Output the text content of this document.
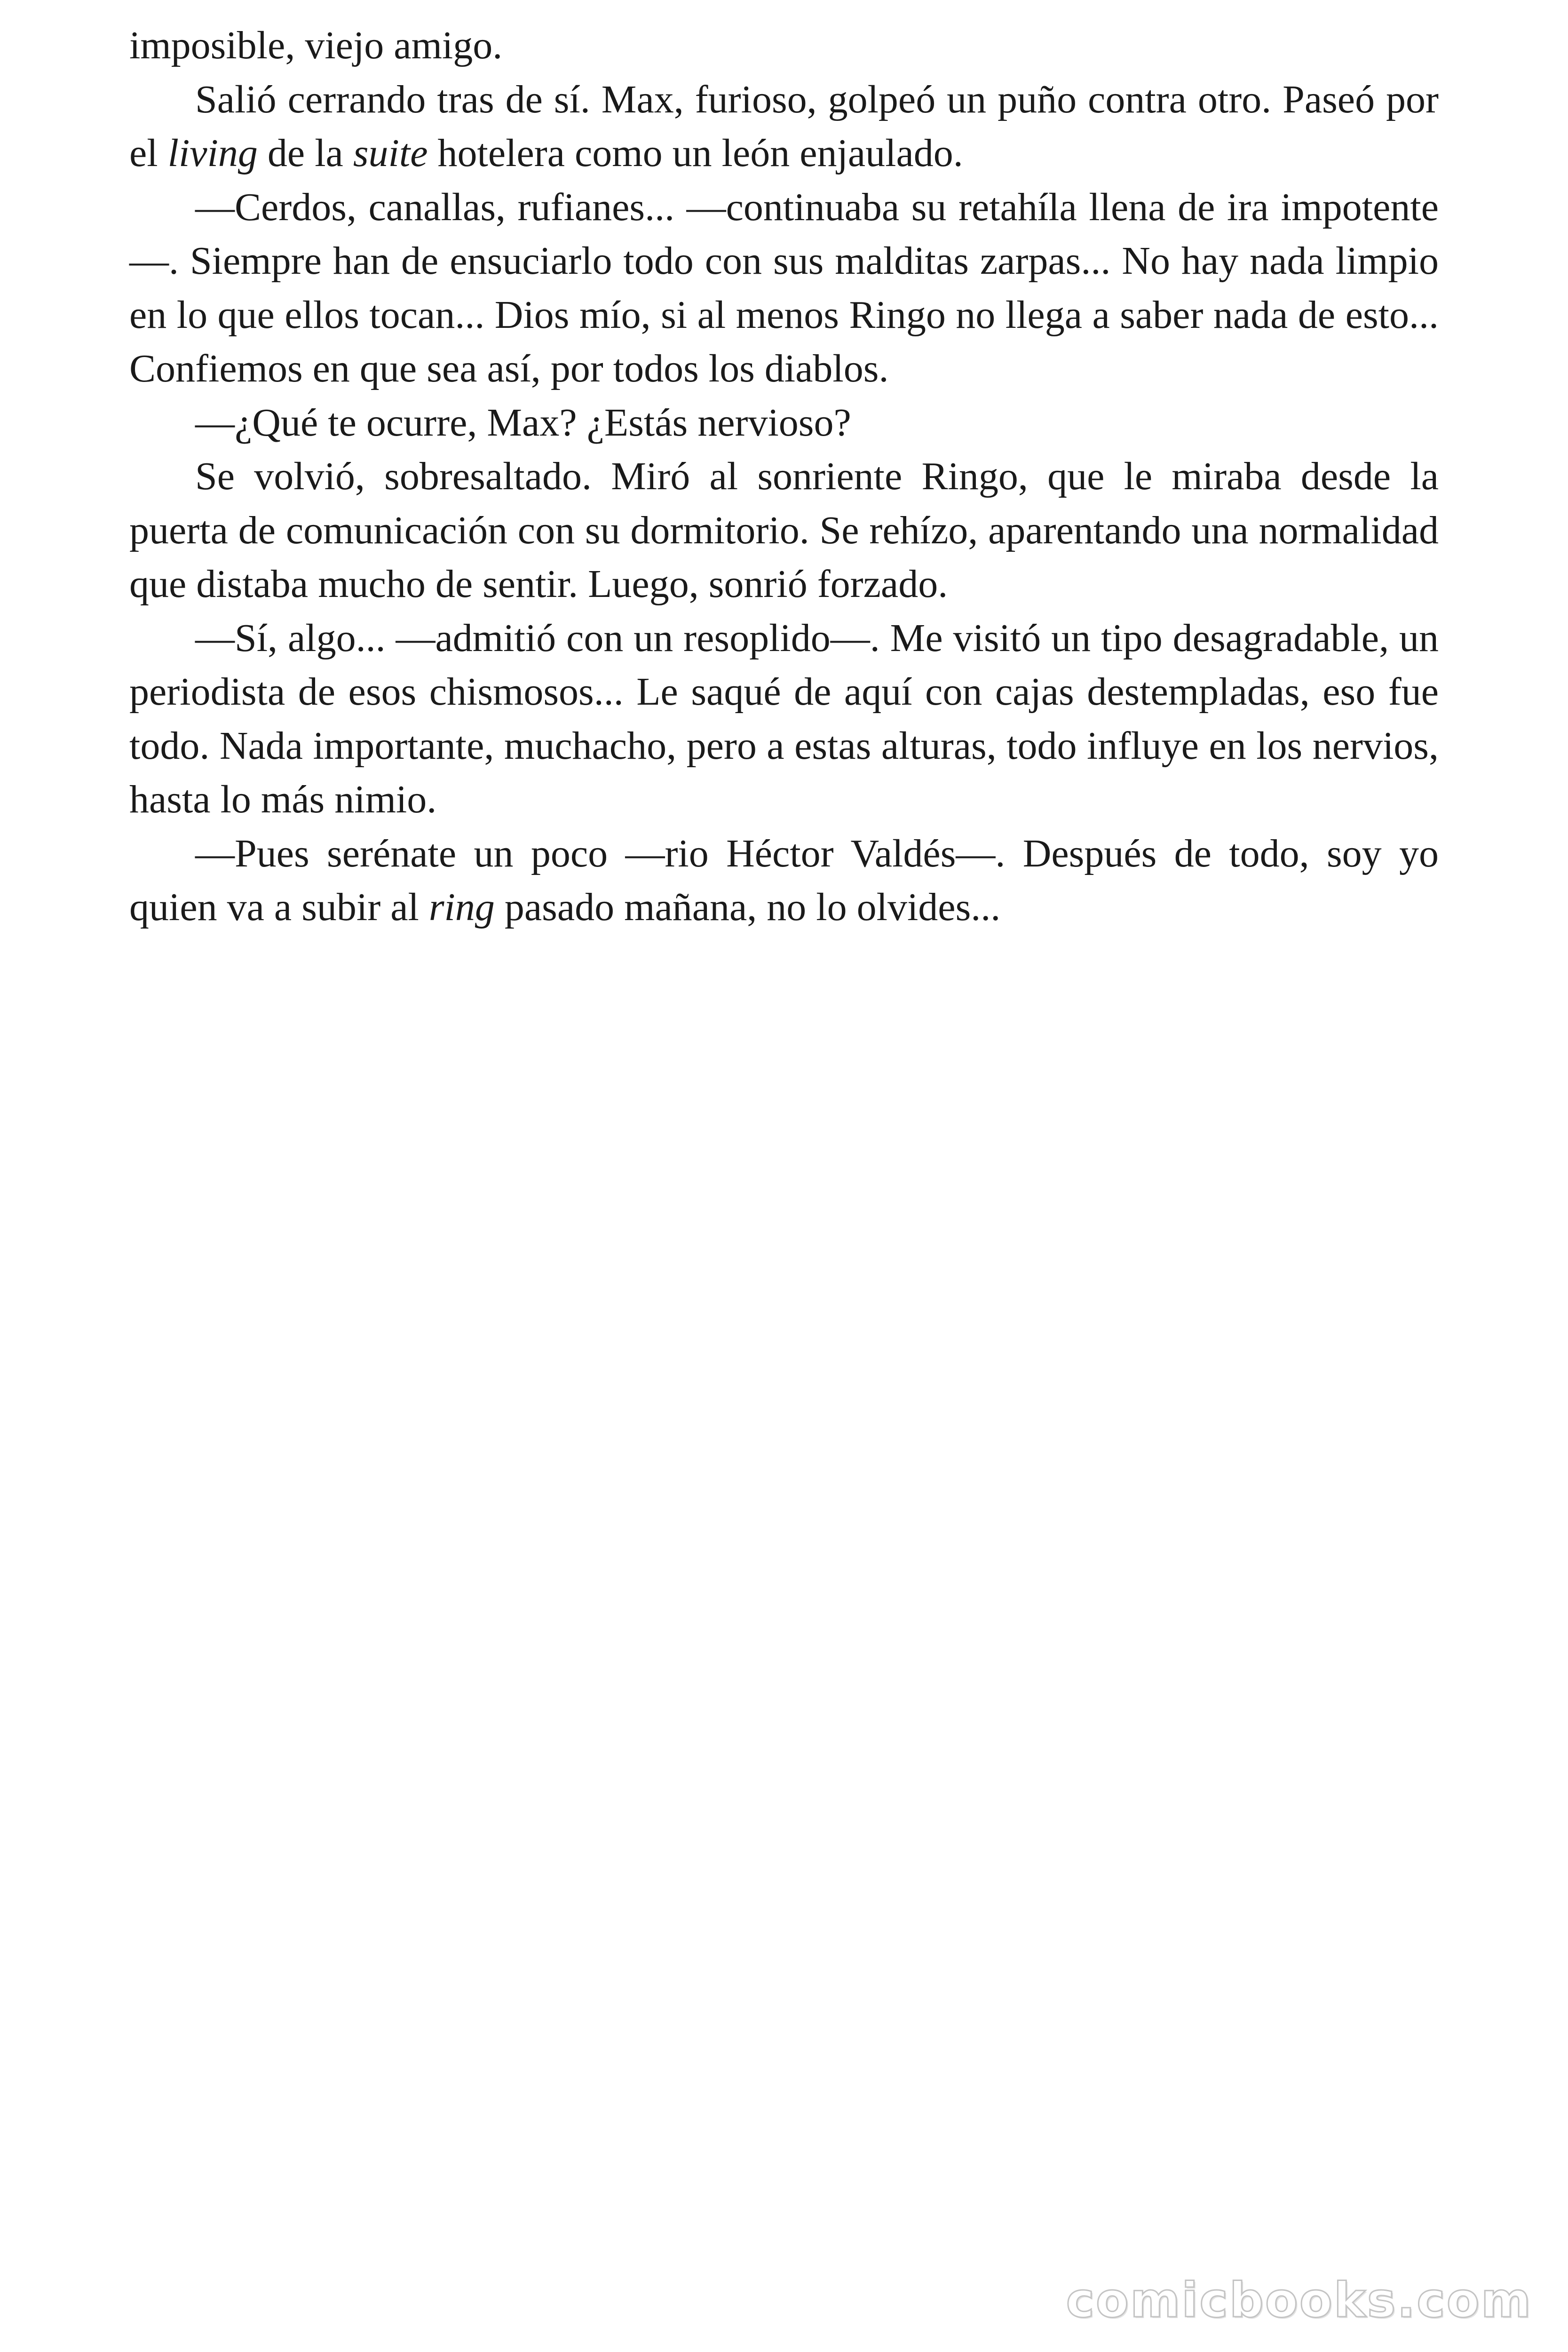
imposible, viejo amigo.

Salió cerrando tras de sí. Max, furioso, golpeó un puño contra otro. Paseó por el living de la suite hotelera como un león enjaulado.

—Cerdos, canallas, rufianes... —continuaba su retahíla llena de ira impotente—. Siempre han de ensuciarlo todo con sus malditas zarpas... No hay nada limpio en lo que ellos tocan... Dios mío, si al menos Ringo no llega a saber nada de esto... Confiemos en que sea así, por todos los diablos.

—¿Qué te ocurre, Max? ¿Estás nervioso?

Se volvió, sobresaltado. Miró al sonriente Ringo, que le miraba desde la puerta de comunicación con su dormitorio. Se rehízo, aparentando una normalidad que distaba mucho de sentir. Luego, sonrió forzado.

—Sí, algo... —admitió con un resoplido—. Me visitó un tipo desagradable, un periodista de esos chismosos... Le saqué de aquí con cajas destempladas, eso fue todo. Nada importante, muchacho, pero a estas alturas, todo influye en los nervios, hasta lo más nimio.

—Pues serénate un poco —rio Héctor Valdés—. Después de todo, soy yo quien va a subir al ring pasado mañana, no lo olvides...

comicbooks.com
